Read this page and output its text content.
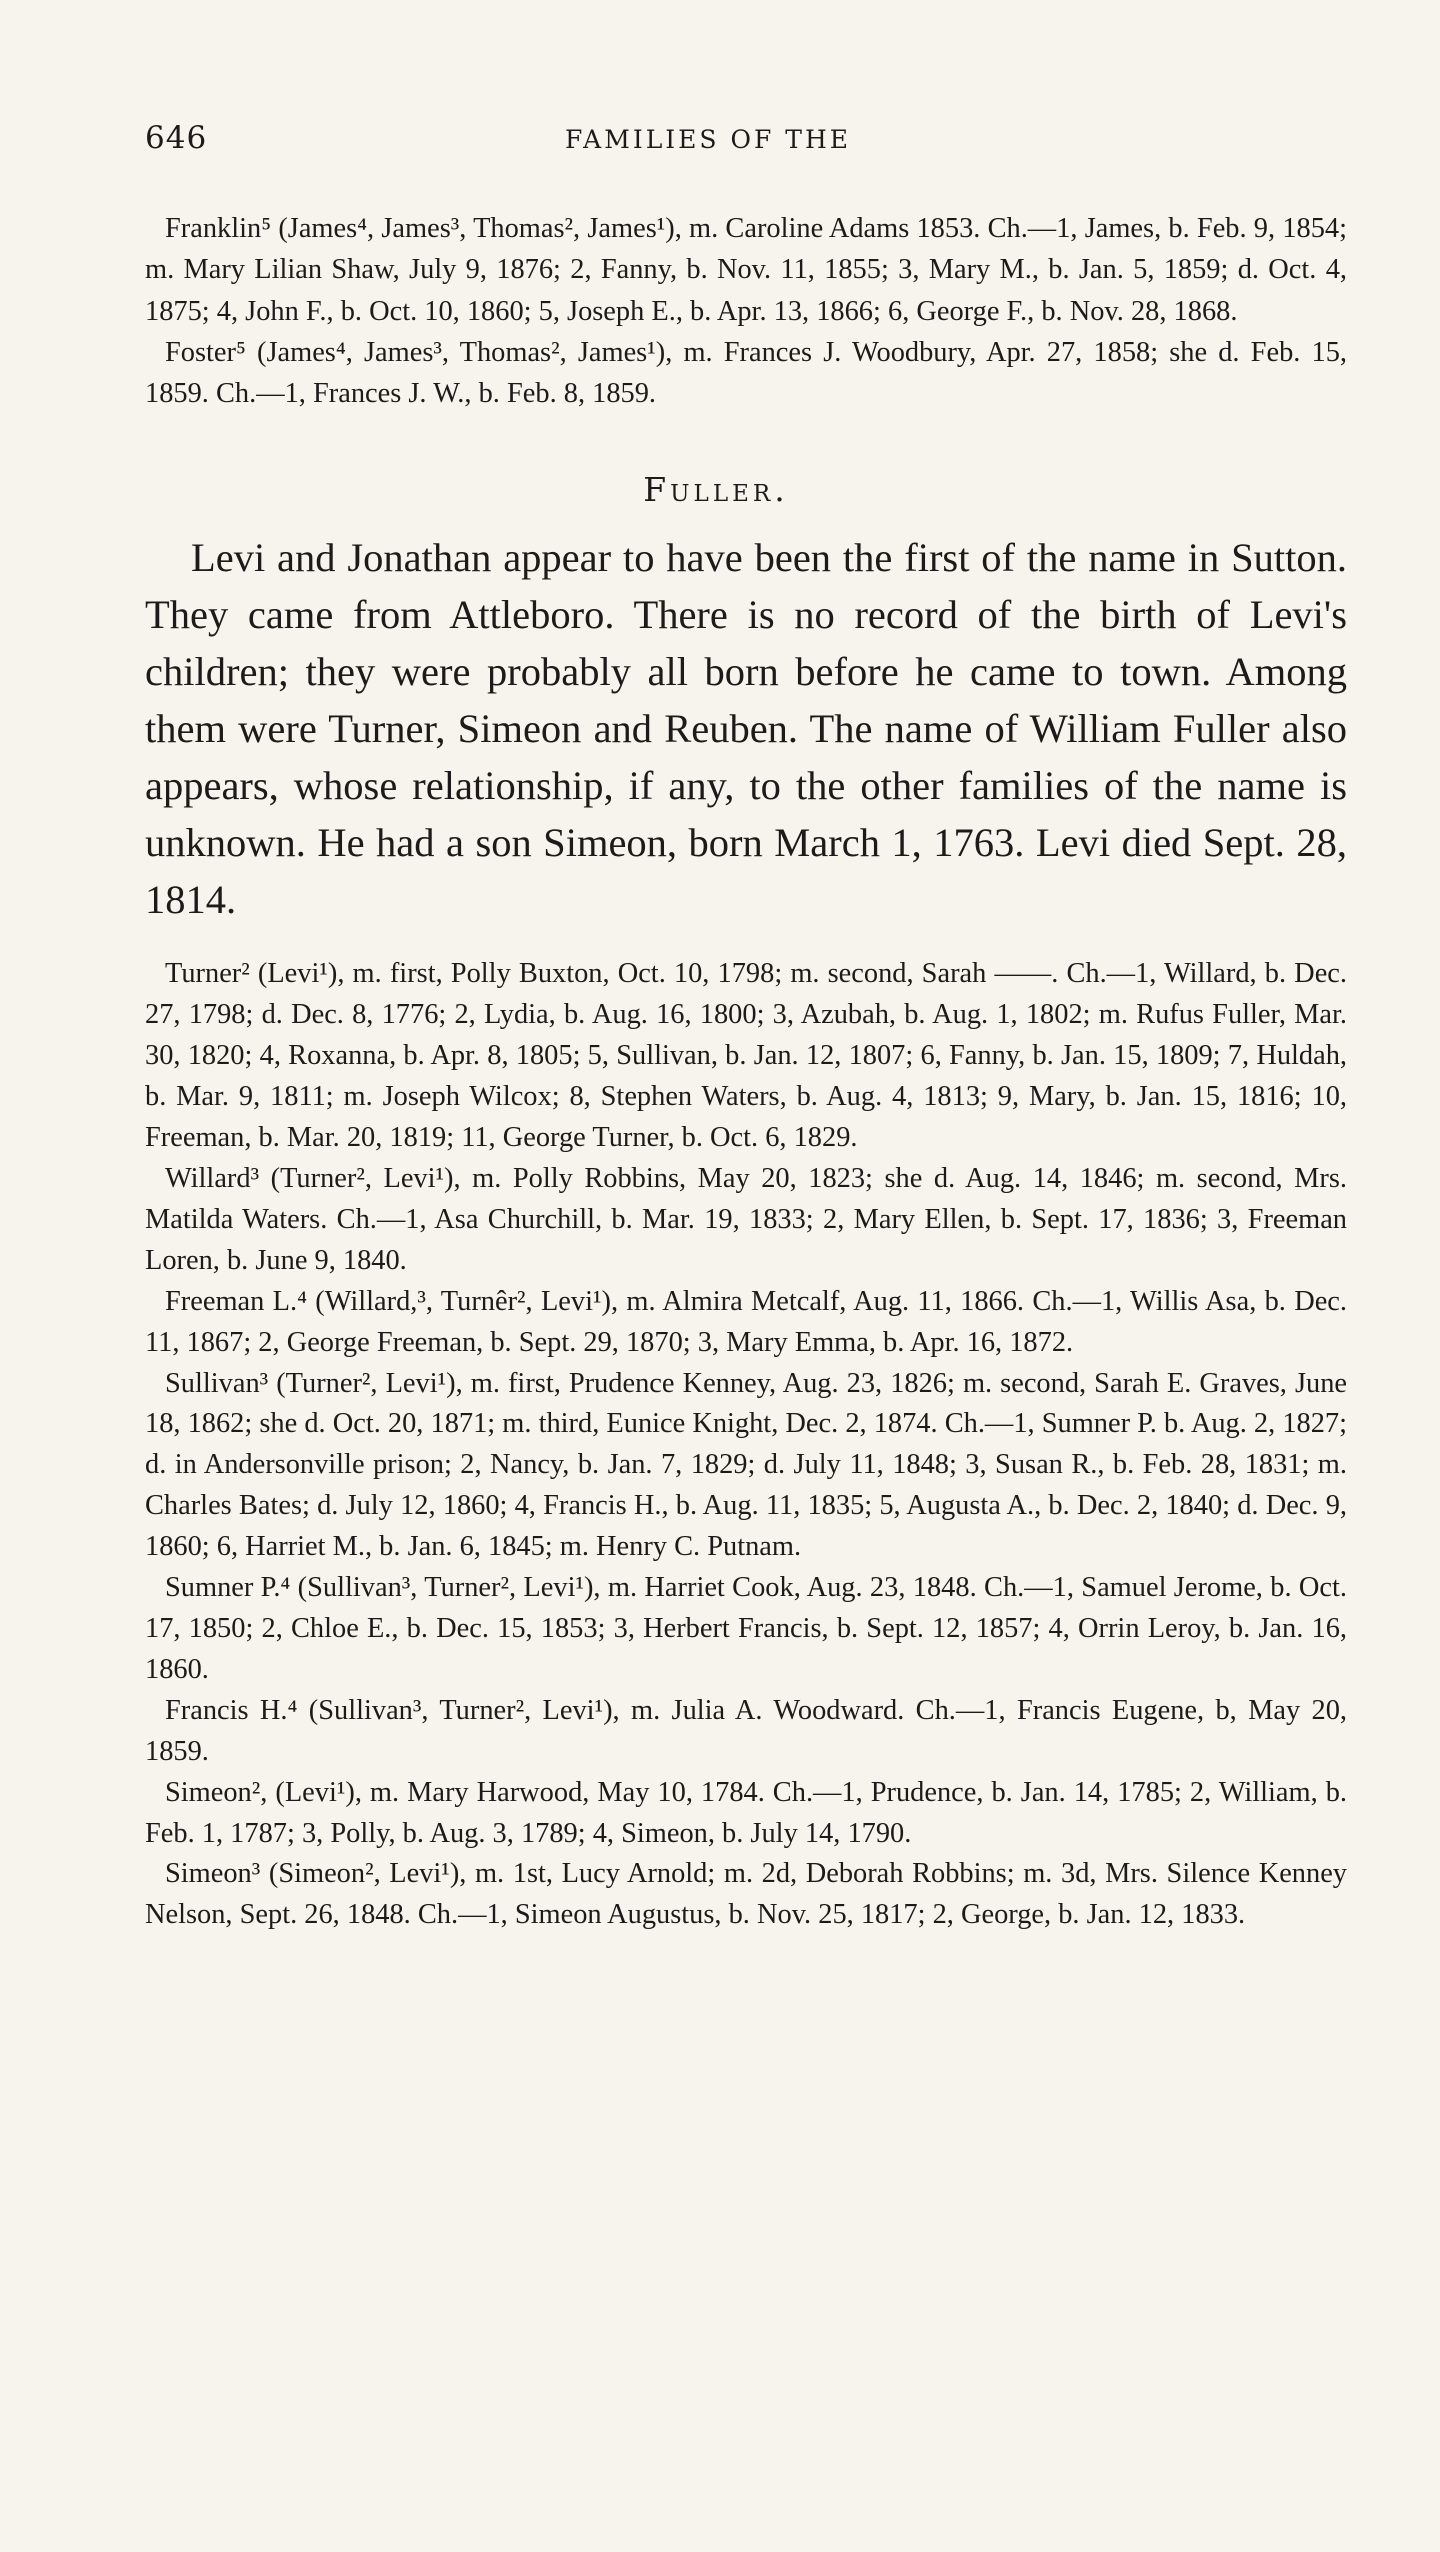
646	FAMILIES OF THE

Franklin⁵ (James⁴, James³, Thomas², James¹), m. Caroline Adams 1853. Ch.—1, James, b. Feb. 9, 1854; m. Mary Lilian Shaw, July 9, 1876; 2, Fanny, b. Nov. 11, 1855; 3, Mary M., b. Jan. 5, 1859; d. Oct. 4, 1875; 4, John F., b. Oct. 10, 1860; 5, Joseph E., b. Apr. 13, 1866; 6, George F., b. Nov. 28, 1868.

Foster⁵ (James⁴, James³, Thomas², James¹), m. Frances J. Woodbury, Apr. 27, 1858; she d. Feb. 15, 1859. Ch.—1, Frances J. W., b. Feb. 8, 1859.

Fuller.

Levi and Jonathan appear to have been the first of the name in Sutton. They came from Attleboro. There is no record of the birth of Levi's children; they were probably all born before he came to town. Among them were Turner, Simeon and Reuben. The name of William Fuller also appears, whose relationship, if any, to the other families of the name is unknown. He had a son Simeon, born March 1, 1763. Levi died Sept. 28, 1814.

Turner² (Levi¹), m. first, Polly Buxton, Oct. 10, 1798; m. second, Sarah ——. Ch.—1, Willard, b. Dec. 27, 1798; d. Dec. 8, 1776; 2, Lydia, b. Aug. 16, 1800; 3, Azubah, b. Aug. 1, 1802; m. Rufus Fuller, Mar. 30, 1820; 4, Roxanna, b. Apr. 8, 1805; 5, Sullivan, b. Jan. 12, 1807; 6, Fanny, b. Jan. 15, 1809; 7, Huldah, b. Mar. 9, 1811; m. Joseph Wilcox; 8, Stephen Waters, b. Aug. 4, 1813; 9, Mary, b. Jan. 15, 1816; 10, Freeman, b. Mar. 20, 1819; 11, George Turner, b. Oct. 6, 1829.

Willard³ (Turner², Levi¹), m. Polly Robbins, May 20, 1823; she d. Aug. 14, 1846; m. second, Mrs. Matilda Waters. Ch.—1, Asa Churchill, b. Mar. 19, 1833; 2, Mary Ellen, b. Sept. 17, 1836; 3, Freeman Loren, b. June 9, 1840.

Freeman L.⁴ (Willard,³, Turnêr², Levi¹), m. Almira Metcalf, Aug. 11, 1866. Ch.—1, Willis Asa, b. Dec. 11, 1867; 2, George Freeman, b. Sept. 29, 1870; 3, Mary Emma, b. Apr. 16, 1872.

Sullivan³ (Turner², Levi¹), m. first, Prudence Kenney, Aug. 23, 1826; m. second, Sarah E. Graves, June 18, 1862; she d. Oct. 20, 1871; m. third, Eunice Knight, Dec. 2, 1874. Ch.—1, Sumner P. b. Aug. 2, 1827; d. in Andersonville prison; 2, Nancy, b. Jan. 7, 1829; d. July 11, 1848; 3, Susan R., b. Feb. 28, 1831; m. Charles Bates; d. July 12, 1860; 4, Francis H., b. Aug. 11, 1835; 5, Augusta A., b. Dec. 2, 1840; d. Dec. 9, 1860; 6, Harriet M., b. Jan. 6, 1845; m. Henry C. Putnam.

Sumner P.⁴ (Sullivan³, Turner², Levi¹), m. Harriet Cook, Aug. 23, 1848. Ch.—1, Samuel Jerome, b. Oct. 17, 1850; 2, Chloe E., b. Dec. 15, 1853; 3, Herbert Francis, b. Sept. 12, 1857; 4, Orrin Leroy, b. Jan. 16, 1860.

Francis H.⁴ (Sullivan³, Turner², Levi¹), m. Julia A. Woodward. Ch.—1, Francis Eugene, b, May 20, 1859.

Simeon², (Levi¹), m. Mary Harwood, May 10, 1784. Ch.—1, Prudence, b. Jan. 14, 1785; 2, William, b. Feb. 1, 1787; 3, Polly, b. Aug. 3, 1789; 4, Simeon, b. July 14, 1790.

Simeon³ (Simeon², Levi¹), m. 1st, Lucy Arnold; m. 2d, Deborah Robbins; m. 3d, Mrs. Silence Kenney Nelson, Sept. 26, 1848. Ch.—1, Simeon Augustus, b. Nov. 25, 1817; 2, George, b. Jan. 12, 1833.
